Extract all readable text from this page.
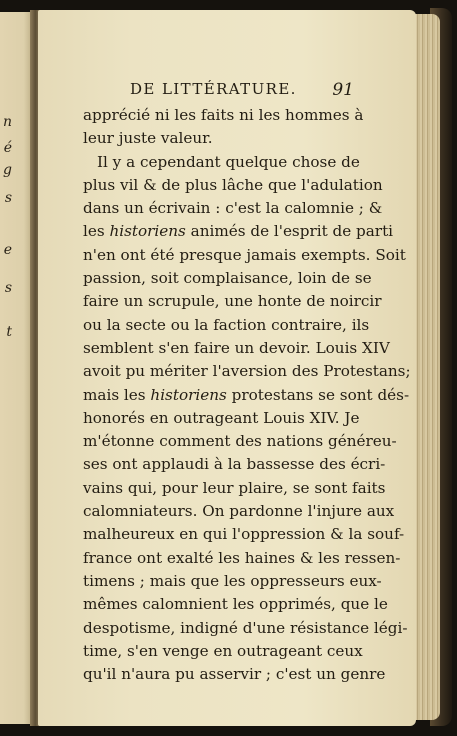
n
é
g
s
e
s
t
DE LITTÉRATURE. 91
apprécié ni les faits ni les hommes à
leur juste valeur.
Il y a cependant quelque chose de
plus vil & de plus lâche que l'adulation
dans un écrivain : c'est la calomnie ; &
les historiens animés de l'esprit de parti
n'en ont été presque jamais exempts. Soit
passion, soit complaisance, loin de se
faire un scrupule, une honte de noircir
ou la secte ou la faction contraire, ils
semblent s'en faire un devoir. Louis XIV
avoit pu mériter l'aversion des Protestans;
mais les historiens protestans se sont dés-
honorés en outrageant Louis XIV. Je
m'étonne comment des nations généreu-
ses ont applaudi à la bassesse des écri-
vains qui, pour leur plaire, se sont faits
calomniateurs. On pardonne l'injure aux
malheureux en qui l'oppression & la souf-
france ont exalté les haines & les ressen-
timens ; mais que les oppresseurs eux-
mêmes calomnient les opprimés, que le
despotisme, indigné d'une résistance légi-
time, s'en venge en outrageant ceux
qu'il n'aura pu asservir ; c'est un genre
